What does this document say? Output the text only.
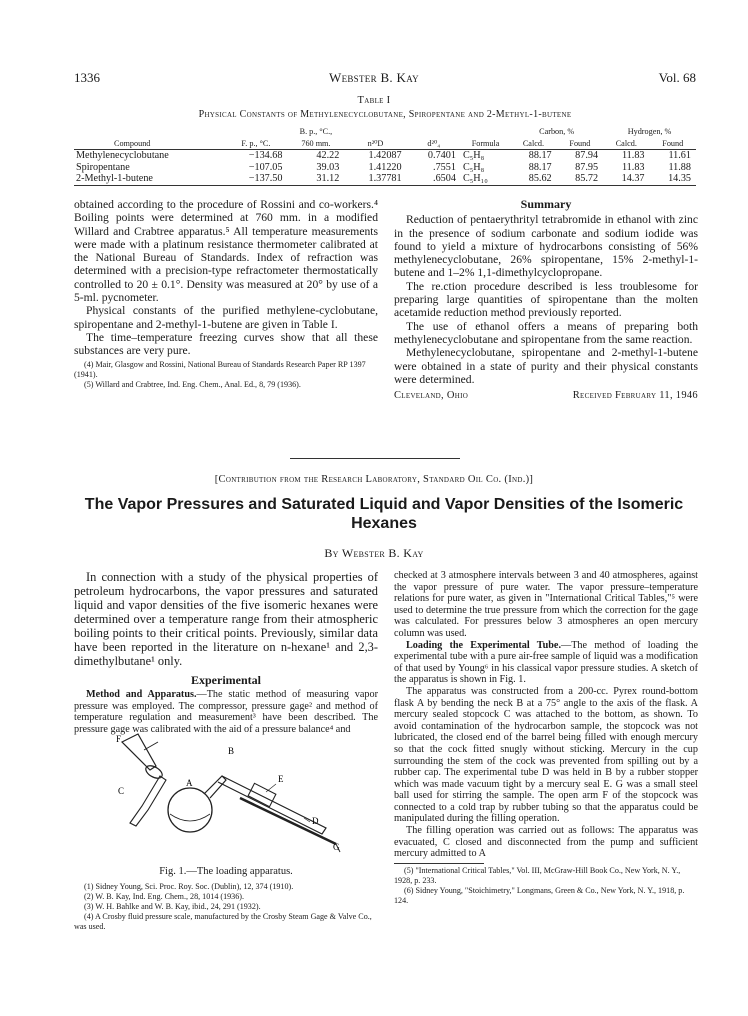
1336	Webster B. Kay	Vol. 68
Table I
Physical Constants of Methylenecyclobutane, Spiropentane and 2-Methyl-1-butene
Compound	F. p., °C.	B. p., °C.,	n²⁰D	d²⁰₄	Formula	Carbon, %		Hydrogen, %	
		760 mm.				Calcd.	Found	Calcd.	Found
Methylenecyclobutane	−134.68	42.22	1.42087	0.7401	C₅H₈	88.17	87.94	11.83	11.61
Spiropentane	−107.05	39.03	1.41220	.7551	C₅H₈	88.17	87.95	11.83	11.88
2-Methyl-1-butene	−137.50	31.12	1.37781	.6504	C₅H₁₀	85.62	85.72	14.37	14.35

obtained according to the procedure of Rossini and co-workers.⁴ Boiling points were determined at 760 mm. in a modified Willard and Crabtree apparatus.⁵ All temperature measurements were made with a platinum resistance thermometer calibrated at the National Bureau of Standards. Index of refraction was determined with a precision-type refractometer thermostatically controlled to 20 ± 0.1°. Density was measured at 20° by use of a 5-ml. pycnometer.

Physical constants of the purified methylene-cyclobutane, spiropentane and 2-methyl-1-butene are given in Table I.

The time–temperature freezing curves show that all these substances are very pure.

(4) Mair, Glasgow and Rossini, National Bureau of Standards Research Paper RP 1397 (1941).

(5) Willard and Crabtree, Ind. Eng. Chem., Anal. Ed., 8, 79 (1936).

Summary

Reduction of pentaerythrityl tetrabromide in ethanol with zinc in the presence of sodium carbonate and sodium iodide was found to yield a mixture of hydrocarbons consisting of 56% methylenecyclobutane, 26% spiropentane, 15% 2-methyl-1-butene and 1–2% 1,1-dimethylcyclopropane.

The re.ction procedure described is less troublesome for preparing large quantities of spiropentane than the molten acetamide reduction method previously reported.

The use of ethanol offers a means of preparing both methylenecyclobutane and spiropentane from the same reaction.

Methylenecyclobutane, spiropentane and 2-methyl-1-butene were obtained in a state of purity and their physical constants were determined.

Cleveland, Ohio	Received February 11, 1946
[Contribution from the Research Laboratory, Standard Oil Co. (Ind.)]
The Vapor Pressures and Saturated Liquid and Vapor Densities of the Isomeric Hexanes
By Webster B. Kay

In connection with a study of the physical properties of petroleum hydrocarbons, the vapor pressures and saturated liquid and vapor densities of the five isomeric hexanes were determined over a temperature range from their atmospheric boiling points to their critical points. Previously, similar data have been reported in the literature on n-hexane¹ and 2,3-dimethylbutane¹ only.

Experimental

Method and Apparatus.—The static method of measuring vapor pressure was employed. The compressor, pressure gage² and method of temperature regulation and measurement³ have been described. The pressure gage was calibrated with the aid of a pressure balance⁴ and

F
B
A
C
E
D
G
Fig. 1.—The loading apparatus.

(1) Sidney Young, Sci. Proc. Roy. Soc. (Dublin), 12, 374 (1910).

(2) W. B. Kay, Ind. Eng. Chem., 28, 1014 (1936).

(3) W. H. Bahlke and W. B. Kay, ibid., 24, 291 (1932).

(4) A Crosby fluid pressure scale, manufactured by the Crosby Steam Gage & Valve Co., was used.

checked at 3 atmosphere intervals between 3 and 40 atmospheres, against the vapor pressure of pure water. The vapor pressure–temperature relations for pure water, as given in "International Critical Tables,"⁵ were used to determine the true pressure from which the correction for the gage was calculated. For pressures below 3 atmospheres an open mercury column was used.

Loading the Experimental Tube.—The method of loading the experimental tube with a pure air-free sample of liquid was a modification of that used by Young⁶ in his classical vapor pressure studies. A sketch of the apparatus is shown in Fig. 1.

The apparatus was constructed from a 200-cc. Pyrex round-bottom flask A by bending the neck B at a 75° angle to the axis of the flask. A mercury sealed stopcock C was attached to the bottom, as shown. To avoid contamination of the hydrocarbon sample, the stopcock was not lubricated, the closed end of the barrel being filled with enough mercury so that the cock fitted snugly without sticking. Mercury in the cup surrounding the stem of the cock was prevented from spilling out by a rubber cap. The experimental tube D was held in B by a rubber stopper which was made vacuum tight by a mercury seal E. G was a small steel ball used for stirring the sample. The open arm F of the stopcock was connected to a cold trap by rubber tubing so that the apparatus could be manipulated during the filling operation.

The filling operation was carried out as follows: The apparatus was evacuated, C closed and disconnected from the pump and sufficient mercury admitted to A

(5) "International Critical Tables," Vol. III, McGraw-Hill Book Co., New York, N. Y., 1928, p. 233.

(6) Sidney Young, "Stoichimetry," Longmans, Green & Co., New York, N. Y., 1918, p. 124.
